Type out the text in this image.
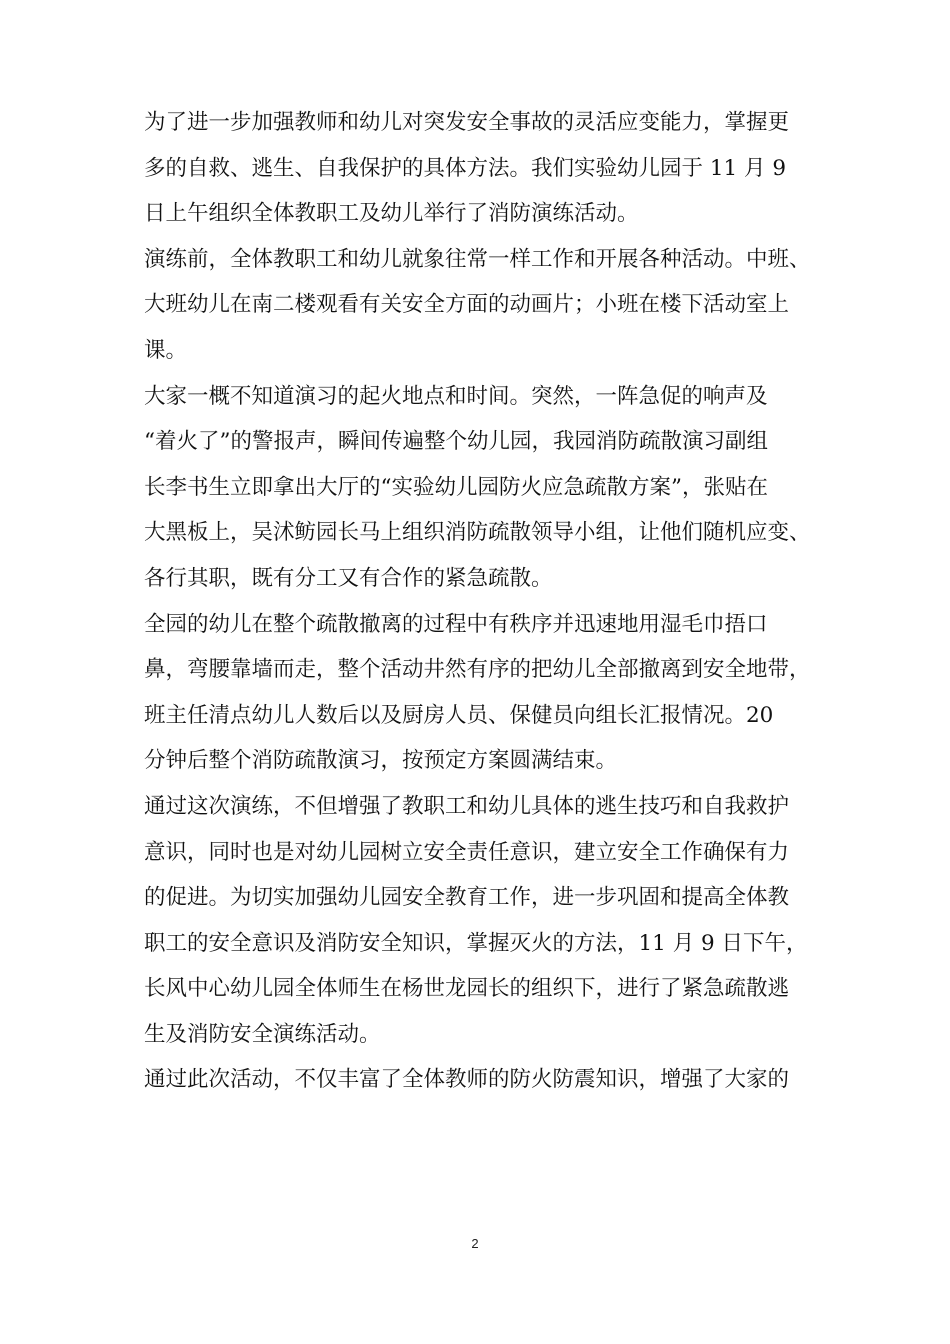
为了进一步加强教师和幼儿对突发安全事故的灵活应变能力，掌握更
多的自救、逃生、自我保护的具体方法。我们实验幼儿园于 11 月 9
日上午组织全体教职工及幼儿举行了消防演练活动。
演练前，全体教职工和幼儿就象往常一样工作和开展各种活动。中班、
大班幼儿在南二楼观看有关安全方面的动画片；小班在楼下活动室上
课。
大家一概不知道演习的起火地点和时间。突然，一阵急促的响声及
“着火了”的警报声，瞬间传遍整个幼儿园，我园消防疏散演习副组
长李书生立即拿出大厅的“实验幼儿园防火应急疏散方案”，张贴在
大黑板上，吴沭鲂园长马上组织消防疏散领导小组，让他们随机应变、
各行其职，既有分工又有合作的紧急疏散。
全园的幼儿在整个疏散撤离的过程中有秩序并迅速地用湿毛巾捂口
鼻，弯腰靠墙而走，整个活动井然有序的把幼儿全部撤离到安全地带，
班主任清点幼儿人数后以及厨房人员、保健员向组长汇报情况。20
分钟后整个消防疏散演习，按预定方案圆满结束。
通过这次演练，不但增强了教职工和幼儿具体的逃生技巧和自我救护
意识，同时也是对幼儿园树立安全责任意识，建立安全工作确保有力
的促进。为切实加强幼儿园安全教育工作，进一步巩固和提高全体教
职工的安全意识及消防安全知识，掌握灭火的方法，11 月 9 日下午，
长风中心幼儿园全体师生在杨世龙园长的组织下，进行了紧急疏散逃
生及消防安全演练活动。
通过此次活动，不仅丰富了全体教师的防火防震知识，增强了大家的
2
